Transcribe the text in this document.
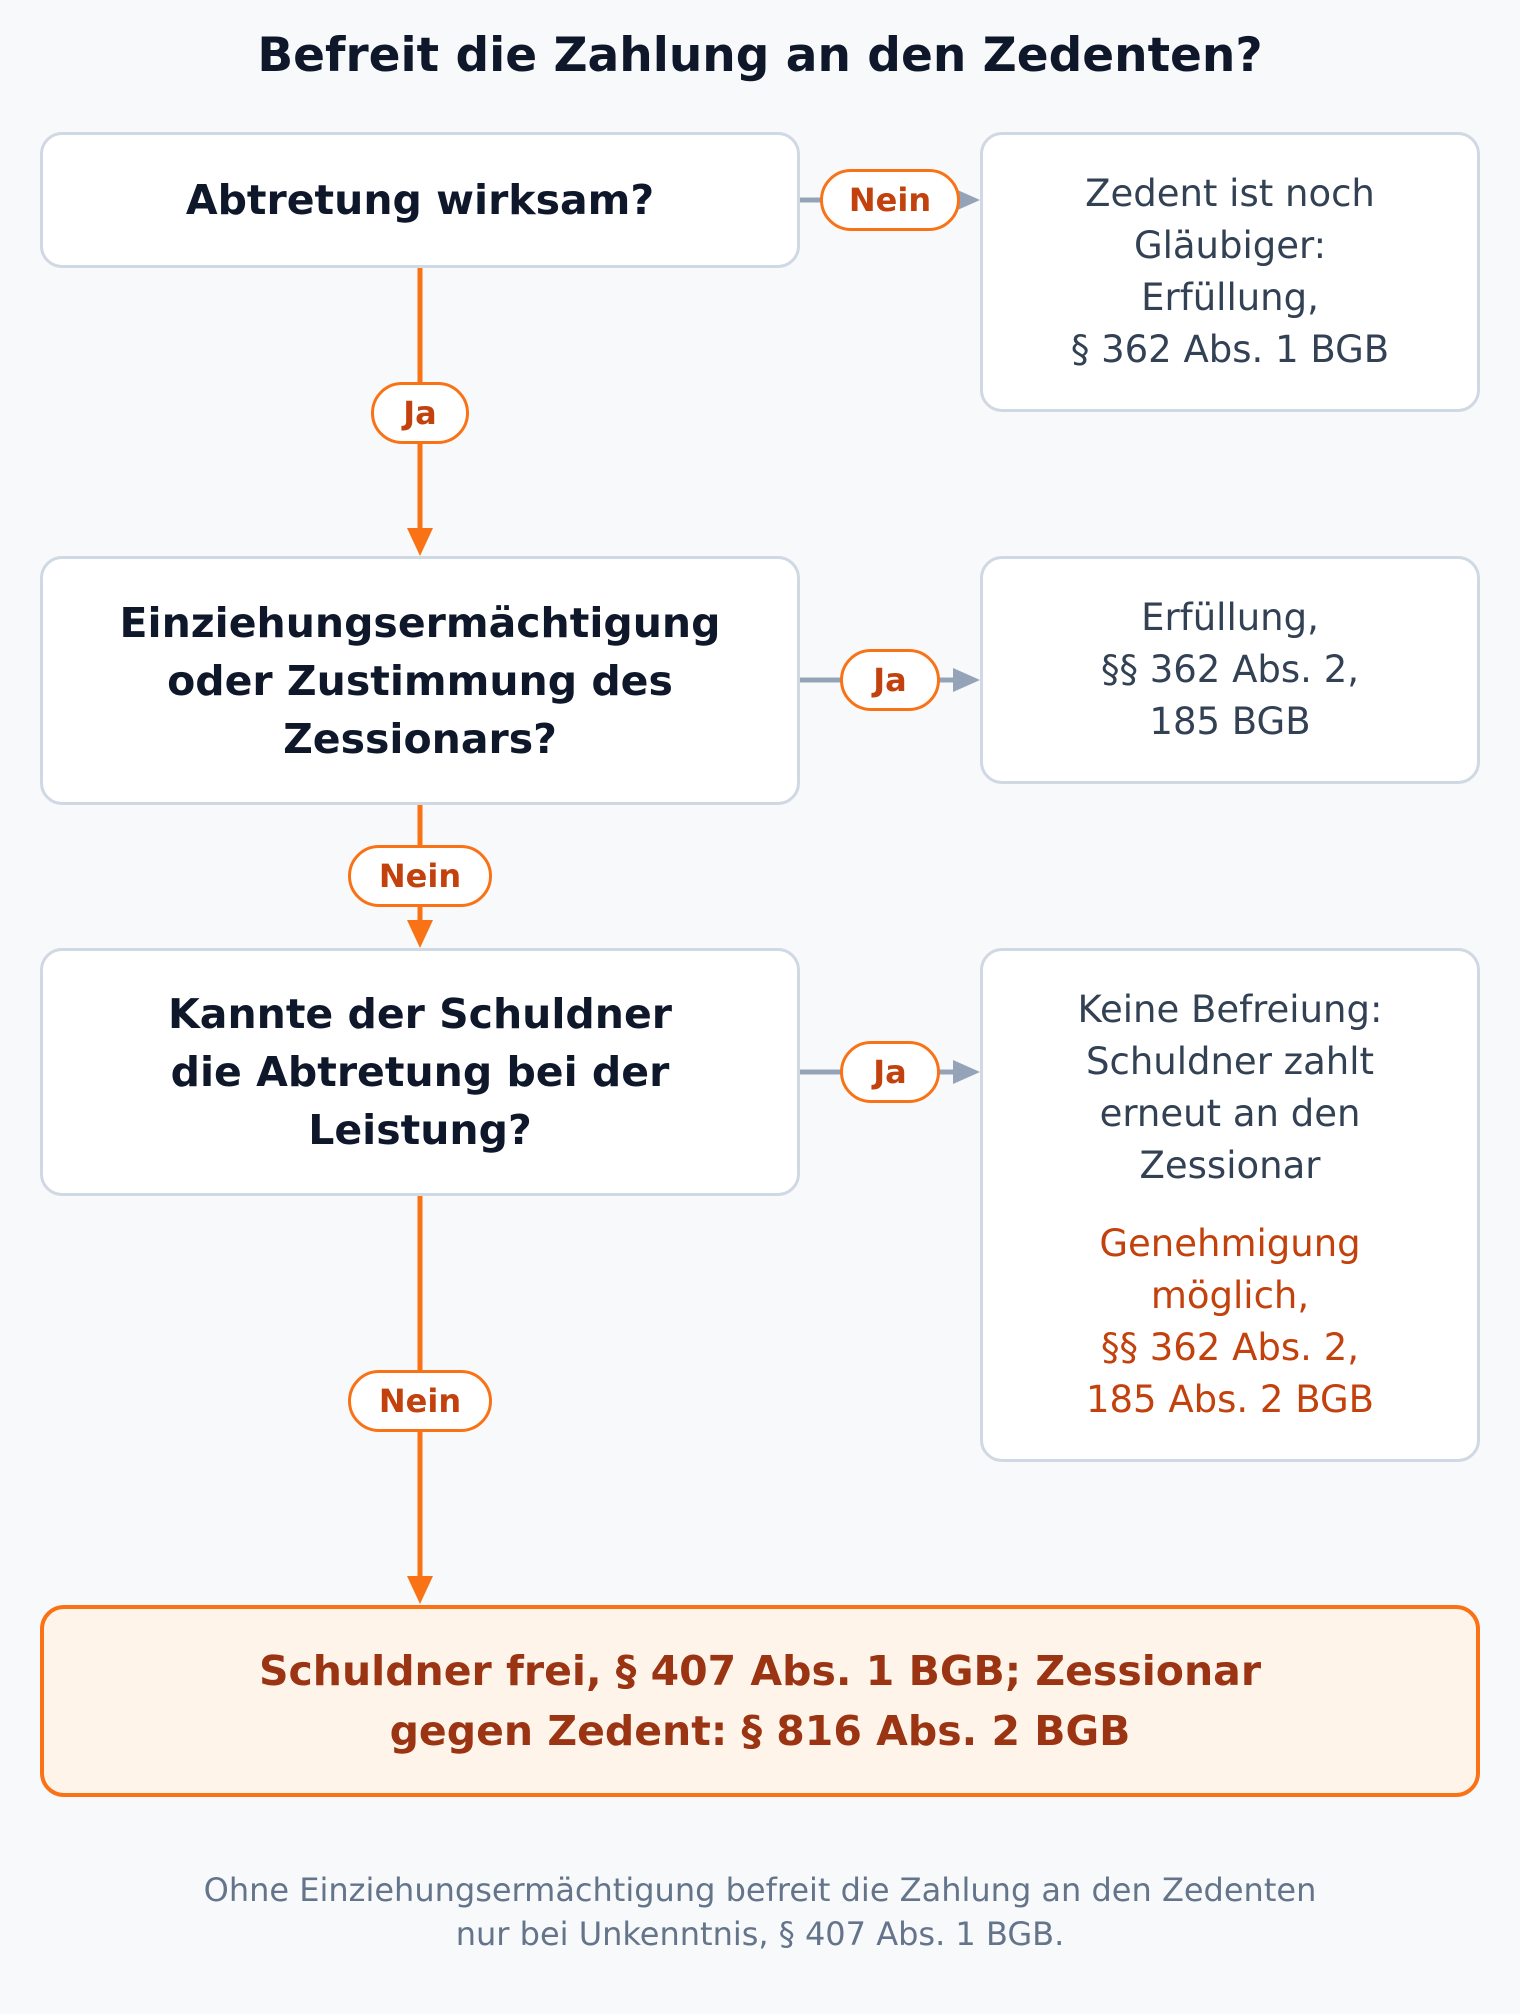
Befreit die Zahlung an den Zedenten?
Abtretung wirksam?
Einziehungsermächtigung
oder Zustimmung des
Zessionars?
Kannte der Schuldner
die Abtretung bei der
Leistung?
Zedent ist noch
Gläubiger:
Erfüllung,
§ 362 Abs. 1 BGB
Erfüllung,
§§ 362 Abs. 2,
185 BGB
Keine Befreiung:
Schuldner zahlt
erneut an den
Zessionar
Genehmigung
möglich,
§§ 362 Abs. 2,
185 Abs. 2 BGB
Nein
Ja
Ja
Nein
Ja
Nein
Schuldner frei, § 407 Abs. 1 BGB; Zessionar
gegen Zedent: § 816 Abs. 2 BGB
Ohne Einziehungsermächtigung befreit die Zahlung an den Zedenten
nur bei Unkenntnis, § 407 Abs. 1 BGB.
